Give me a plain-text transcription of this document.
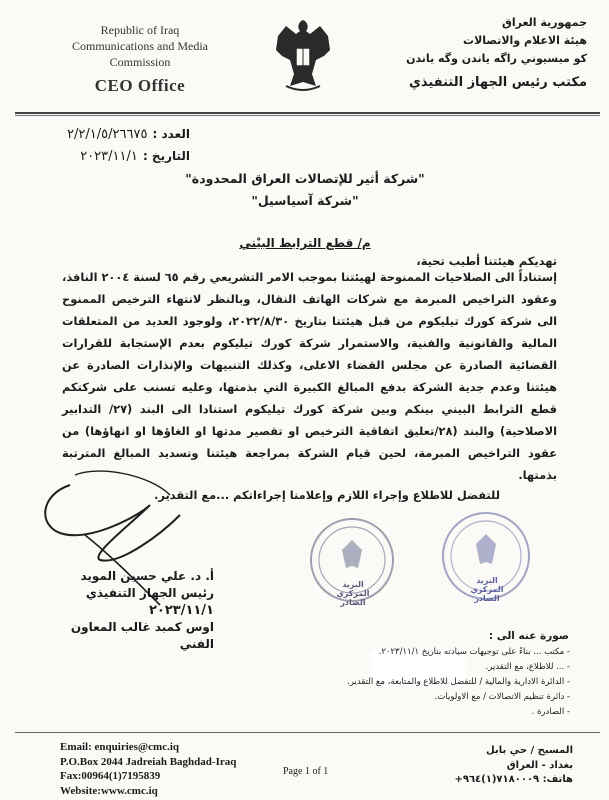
Republic of Iraq
Communications and Media
Commission
CEO Office
جمهورية العراق
هيئة الاعلام والاتصالات
كو ميسيوني راگه ياندن وگه ياندن
مكتب رئيس الجهاز التنفيذي
العدد : ٢/٢/١/٥/٢٦٦٧٥
التاريخ : ٢٠٢٣/١١/١
"شركة أثير للإتصالات العراق المحدودة"
"شركة آسياسيل"
م/ قطع الترابط البيْني
تهديكم هيئتنا أطيب تحية،
إستناداً الى الصلاحيات الممنوحة لهيئتنا بموجب الامر التشريعي رقم ٦٥ لسنة ٢٠٠٤ النافذ، وعقود التراخيص المبرمة مع شركات الهاتف النقال، وبالنظر لانتهاء الترخيص الممنوح الى شركة كورك تيليكوم من قبل هيئتنا بتاريخ ٢٠٢٢/٨/٣٠، ولوجود العديد من المتعلقات المالية والقانونية والفنية، والاستمرار شركة كورك تيليكوم بعدم الإستجابة للقرارات القضائية الصادرة عن مجلس القضاء الاعلى، وكذلك التنبيهات والإنذارات الصادرة عن هيئتنا وعدم جدية الشركة بدفع المبالغ الكبيرة التي بذمتها، وعليه تسنب على شركتكم قطع الترابط البيني بينكم وبين شركة كورك تيليكوم استنادا الى البند (٢٧/ التدابير الاصلاحية) والبند (٢٨/تعليق اتفاقية الترخيص او تقصير مدتها او الغاؤها او انهاؤها) من عقود التراخيص المبرمة، لحين قيام الشركة بمراجعة هيئتنا وتسديد المبالغ المترتبة بذمتها.
للتفضل للاطلاع وإجراء اللازم وإعلامنا إجراءاتكم ...مع التقدير.
أ. د. علي حسين المويد
رئيس الجهاز التنفيذي
٢٠٢٣/١١/١
اوس كمبد غالب المعاون الفني
البريد المركزي
الصادر
البريد المركزي
الصادر
صورة عنه الى :
- مكتب ... بناءً على توجيهات سيادته بتاريخ ٢٠٢٣/١١/١.
- ... للاطلاع، مع التقدير.
- الدائرة الادارية والمالية / للتفضل للاطلاع والمتابعة، مع التقدير.
- دائرة تنظيم الاتصالات / مع الاولويات.
- الصادرة .
Email: enquiries@cmc.iq
P.O.Box 2044 Jadreiah Baghdad-Iraq
Fax:00964(1)7195839
Website:www.cmc.iq
Page 1 of 1
المسبح / حي بابل
بغداد - العراق
هاتف: ٧١٨٠٠٠٩(١)٩٦٤+
